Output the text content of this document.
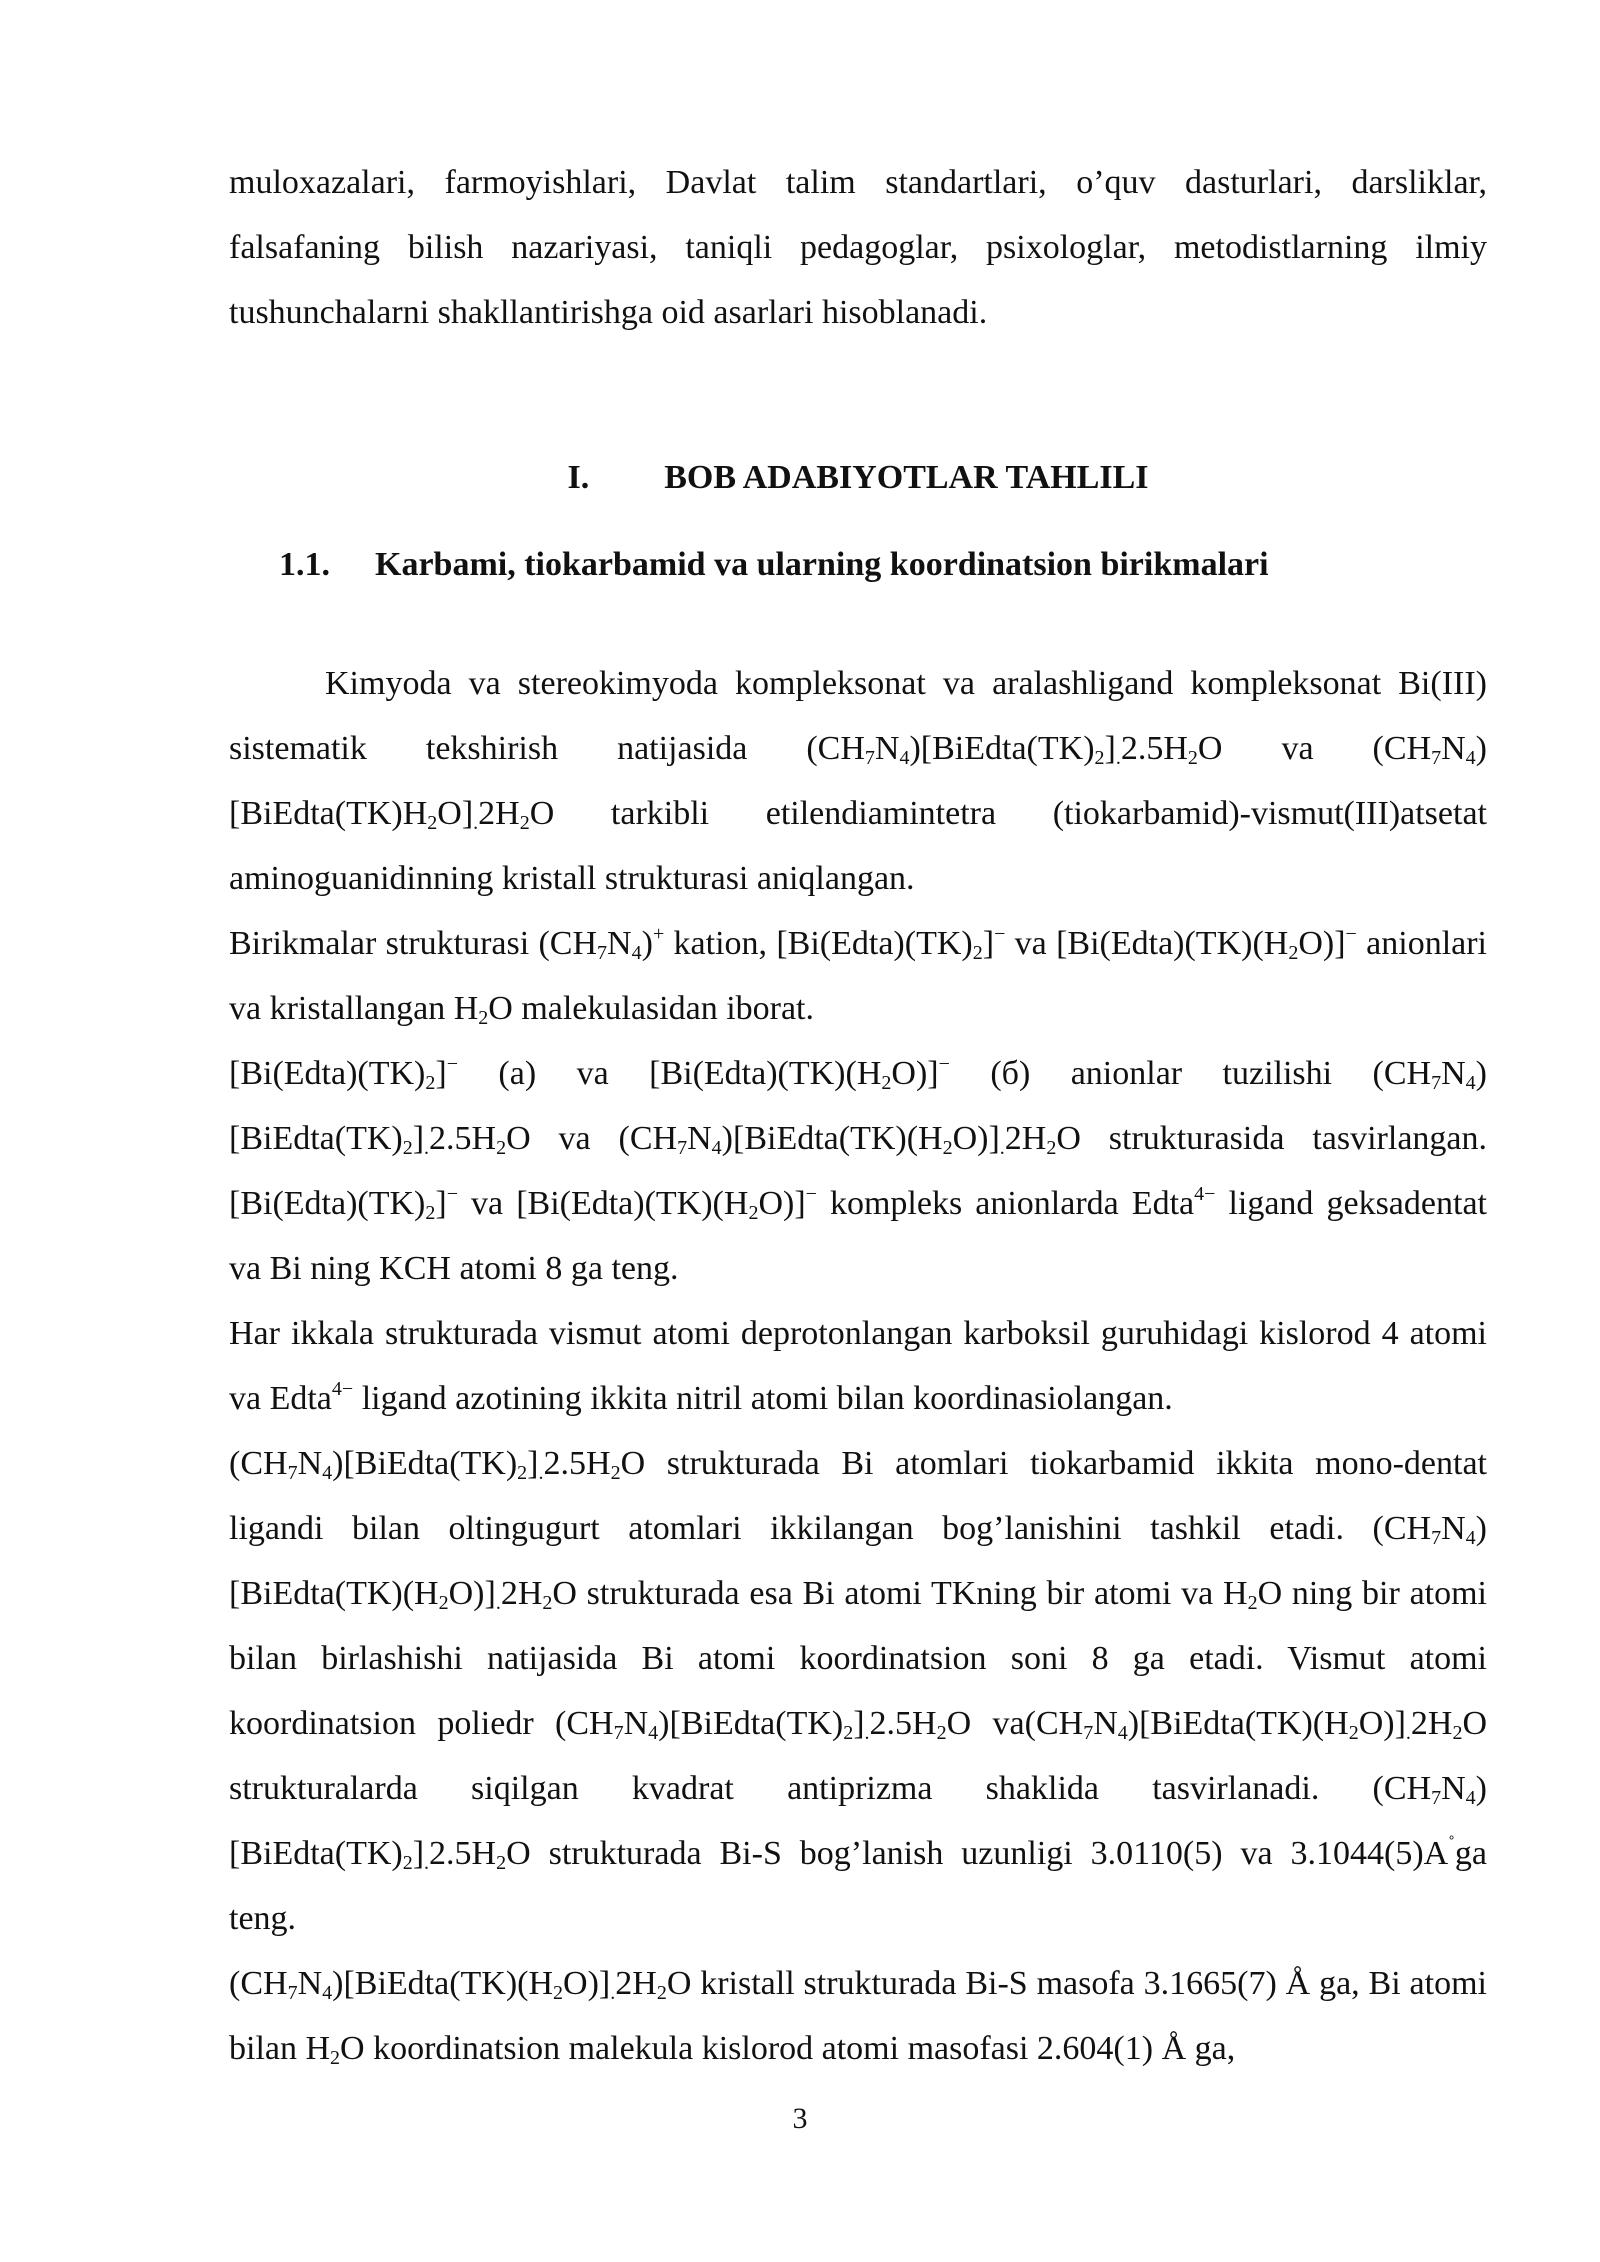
muloxazalari, farmoyishlari, Davlat talim standartlari, o’quv dasturlari, darsliklar, falsafaning bilish nazariyasi, taniqli pedagoglar, psixologlar, metodistlarning ilmiy tushunchalarni shakllantirishga oid asarlari hisoblanadi.

I. BOB ADABIYOTLAR TAHLILI
1.1.	Karbami, tiokarbamid va ularning koordinatsion birikmalari

Kimyoda va stereokimyoda kompleksonat va aralashligand kompleksonat Bi(III) sistematik tekshirish natijasida $(CH_7N_4)[BiEdta(TK)_2]_.2.5H_2O$ va $(CH_7N_4)[BiEdta(TK)H_2O]_.2H_2O$ tarkibli etilendiamintetra (tiokarbamid)-vismut(III)atsetat aminoguanidinning kristall strukturasi aniqlangan.

Birikmalar strukturasi $(CH_7N_4)^+$ kation, $[Bi(Edta)(TK)_2]^-$ va $[Bi(Edta)(TK)(H_2O)]^-$ anionlari va kristallangan $H_2O$ malekulasidan iborat.

$[Bi(Edta)(TK)_2]^-$ (a) va $[Bi(Edta)(TK)(H_2O)]^-$ (б) anionlar tuzilishi $(CH_7N_4)[BiEdta(TK)_2]_.2.5H_2O$ va $(CH_7N_4)[BiEdta(TK)(H_2O)]_.2H_2O$ strukturasida tasvirlangan. $[Bi(Edta)(TK)_2]^-$ va $[Bi(Edta)(TK)(H_2O)]^-$ kompleks anionlarda Edta$^{4-}$ ligand geksadentat va Bi ning KCH atomi 8 ga teng.

Har ikkala strukturada vismut atomi deprotonlangan karboksil guruhidagi kislorod 4 atomi va Edta$^{4-}$ ligand azotining ikkita nitril atomi bilan koordinasiolangan.

$(CH_7N_4)[BiEdta(TK)_2]_.2.5H_2O$ strukturada Bi atomlari tiokarbamid ikkita mono-dentat ligandi bilan oltingugurt atomlari ikkilangan bog’lanishini tashkil etadi. $(CH_7N_4)[BiEdta(TK)(H_2O)]_.2H_2O$ strukturada esa Bi atomi TKning bir atomi va $H_2O$ ning bir atomi bilan birlashishi natijasida Bi atomi koordinatsion soni 8 ga etadi. Vismut atomi koordinatsion poliedr $(CH_7N_4)[BiEdta(TK)_2]_.2.5H_2O$ $va(CH_7N_4)[BiEdta(TK)(H_2O)]_.2H_2O$ strukturalarda siqilgan kvadrat antiprizma shaklida tasvirlanadi. $(CH_7N_4)[BiEdta(TK)_2]_.2.5H_2O$ strukturada Bi-S bog’lanish uzunligi 3.0110(5) va 3.1044(5)A˚ga teng.

$(CH_7N_4)[BiEdta(TK)(H_2O)]_.2H_2O$ kristall strukturada Bi-S masofa 3.1665(7) Å ga, Bi atomi bilan $H_2O$ koordinatsion malekula kislorod atomi masofasi 2.604(1) Å ga,

3
